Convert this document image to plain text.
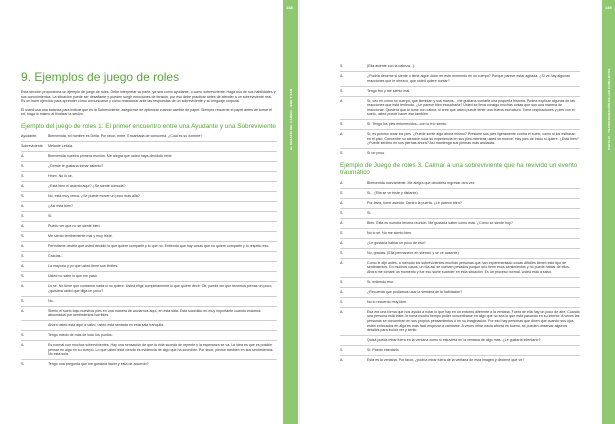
9. Ejemplos de juego de roles

Esta sección proporciona un ejemplo de juego de roles. Debe interpretar su parte, ya sea como ayudante, o como sobreviviente. Haga uso de sus habilidades y sus conocimientos. La situación puede ser desafiante y pueden surgir emociones de tensión, por eso debe practicar antes de atender a un sobreviviente real. Es un buen ejercicio para aprender cómo comunicarse y cómo reaccionar ante las respuestas de un sobreviviente y su lenguaje corporal.

El usted usa una balanza para indicar que es la Sobreviviente, asegúrese de optimizar cuando cambie de papel. Siempre recuerde el papel antes de tomar el rol, haga lo mismo al finalizar la sesión.

Ejemplo del juego de roles 1: El primer encuentro entre una Ayudante y una Sobreviviente
Ayudante.	Bienvenida, mi nombre es Delia. Por favor, entre. Encantada de conocerla. ¿Cuál es su nombre?
Sobreviviente.	Melanie Letizia.
A.	Bienvenida nuestra primera reunión. Me alegra que usted haya decidido venir.
S.	¿Dónde le gustaría tomar asiento?
S.	Hmm. No lo sé.
A.	¿Está bien el asiento aquí? ¿Se siente cómoda?
S.	No, está muy cerca. ¿Se puede mover un poco más allá?
A.	¿Así está bien?
S.	Sí.
A.	Puedo ver que no se siente bien.
S.	Me siento terriblemente mal y muy triste.
A.	Permítame decirle que usted decidió lo que quiere compartir y lo que no. Entiendo que hay cosas que no quiere compartir y lo respeto eso.
S.	Gracias...
A.	La mayoría y yo que usted tiene sus límites.
S.	Usted no sabe lo que me pasó.
A.	Lo sé. No tiene que contarme nada si no quiere. Usted elige completamente lo que quiere decir. Ok, puede ver que tenemos plenas un poco, ¿quisiera usted que diga un poco?
S.	No...
A.	Siento el suelo bajo nuestros pies en una manera de anclarnos aquí, en esta sala. Está sucedido en muy importante cuando estamos abrumados por sentimientos horribles.
Ahora usted está aquí a salvo, usted está sentada en esta sala tranquila.
S.	Tengo miedo de más de todo los puntos.
A.	Es normal con muchos sobrevivientes. Hay una sensación de que la vida suceda de repente y la esperanza se va. La idea es que es posible pensar en algo en su cuerpo. Lo que usted está viendo es evidencia de algo que ha sucedido. Por favor, piense también en sus sentimientos. No está sola.
S.	Tengo una pregunta que me gustaría hacer y está de acuerdo?
EL DESAFÍO DEL CAMBIO · IEME Y SAM
148
PARTE III · TRANSFORMACIÓN DE LOS CONFLICTOS
149
S.	(Ella asiente con la cabeza...).
A.	¿Podría decirme si siente o tiene algún dolor en este momento en su cuerpo? Porque parece estar agitada. ¿Sí ve hay algunas reacciones que le ofrezco, que usted quiere contar?
S.	Tengo frío y me siento mal.
A.	Sí, veo en cómo su cuerpo, que tiemblan y sus manos... me gustaría contarle una pequeña historia. Podría explicar algunas de las reacciones que está teniendo. ¿Le parece bien escucharla? Usted se lleva consigo muchas cosas que son una manera de reaccionar. Quisiera que lo tome con calma, si cree que usted puede tener una buena estructura. Tome respiraciones y pies con el suelo, usted puede hacer ese también.
S.	Sí. Tengo los pies entumecidos...con lo frío siento.
A.	Sí, es preciso tocar los pies. ¿Puede sentir algo ahora mismo? Presione sus pies ligeramente contra el suelo, como si los estiraran en el piso. Concentre su atención toda su experiencia en sus pies mientras usted se mueve. Hay pies de inicio si quiere. ¿Está bien? ¿Puede sentirlo en sus piernas ahora? Así mantenga sus piernas más ancladas.
S.	Sí un poco.
Ejemplo de Juego de roles 3. Calmar a una sobreviviente que ha revivido un evento traumático
A.	Bienvenida nuevamente. Me alegra que decidiera regresar otra vez.
S.	Sí... (Ella se ve triste y distante).
A.	Por favor, tome asiento. Dentro la puerta. ¿Le parece bien?
S.	Sí.
A.	Bien. Esta es nuestra tercera reunión. Me gustaría saber cómo está. ¿Cómo se siente hoy?
S.	No lo sé. No me siento bien.
A.	¿Le gustaría hablar un poco de eso?
S.	No, gracias. (Ella permanece en silencio y se ve ausente).
A.	Como le dije antes, a menudo los sobrevivientes muchas personas que han experimentado cosas difíciles tienen este tipo de sentimientos. En muchos casos, un día así se vuelven pesados porque uno tiene esos sentimientos y no puede hablar de ellos. Ahora me tomaré un momento y fue eso suele suceder en esta situación. Es un proceso normal. Usted está a salvo.
S.	Sí, entiendo eso.
A.	¿Recuerda que podíamos usar la ventana de la habitación?
S.	No lo recuerdo muy bien.
A.	Esa era una forma que nos ayuda a notar lo que hay en un entorno diferente a la ventana. Fuera de ella hay un poco de aire. Cuando una persona está triste, le toma mucho tiempo poder concentrarse en algo que no sea lo que está pasando en su interior. A veces las personas se concentran en sus propios pensamientos o en su imaginación. Por eso hay personas que dicen que cuando sus ojos están enfocados en algo es más fácil empezar a calmarse. A veces mirar hacia afuera es bueno, se pueden observar algunos detalles para incluir ver y sentir.
Quizá pueda mirar fuera en la ventana como si estuviera en la ventana de algo más. ¿Le gustaría intentarlo?
S.	Sí. Puedo intentarlo.
A.	Esta es la ventana. Por favor, ¿podría mirar fuera de la ventana de esta imagen y decirme qué ve?
